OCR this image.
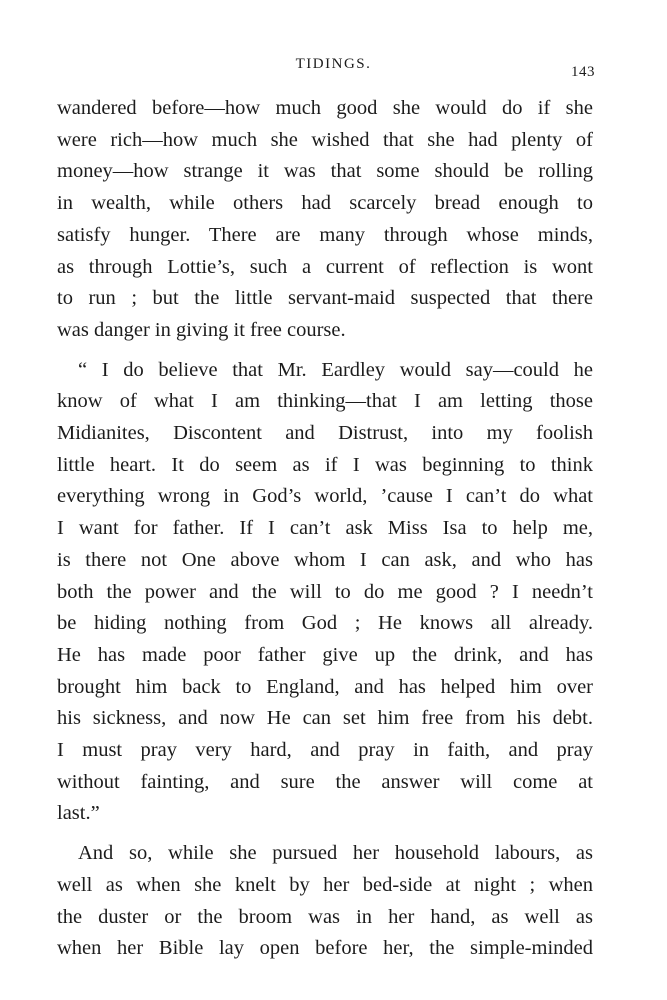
TIDINGS.	143
wandered before—how much good she would do if she
were rich—how much she wished that she had plenty of
money—how strange it was that some should be rolling
in wealth, while others had scarcely bread enough to
satisfy hunger. There are many through whose minds,
as through Lottie’s, such a current of reflection is wont
to run ; but the little servant-maid suspected that there
was danger in giving it free course.
“ I do believe that Mr. Eardley would say—could he
know of what I am thinking—that I am letting those
Midianites, Discontent and Distrust, into my foolish
little heart. It do seem as if I was beginning to think
everything wrong in God’s world, ’cause I can’t do what
I want for father. If I can’t ask Miss Isa to help me,
is there not One above whom I can ask, and who has
both the power and the will to do me good ? I needn’t
be hiding nothing from God ; He knows all already.
He has made poor father give up the drink, and has
brought him back to England, and has helped him over
his sickness, and now He can set him free from his debt.
I must pray very hard, and pray in faith, and pray
without fainting, and sure the answer will come at
last.”
And so, while she pursued her household labours, as
well as when she knelt by her bed-side at night ; when
the duster or the broom was in her hand, as well as
when her Bible lay open before her, the simple-minded
